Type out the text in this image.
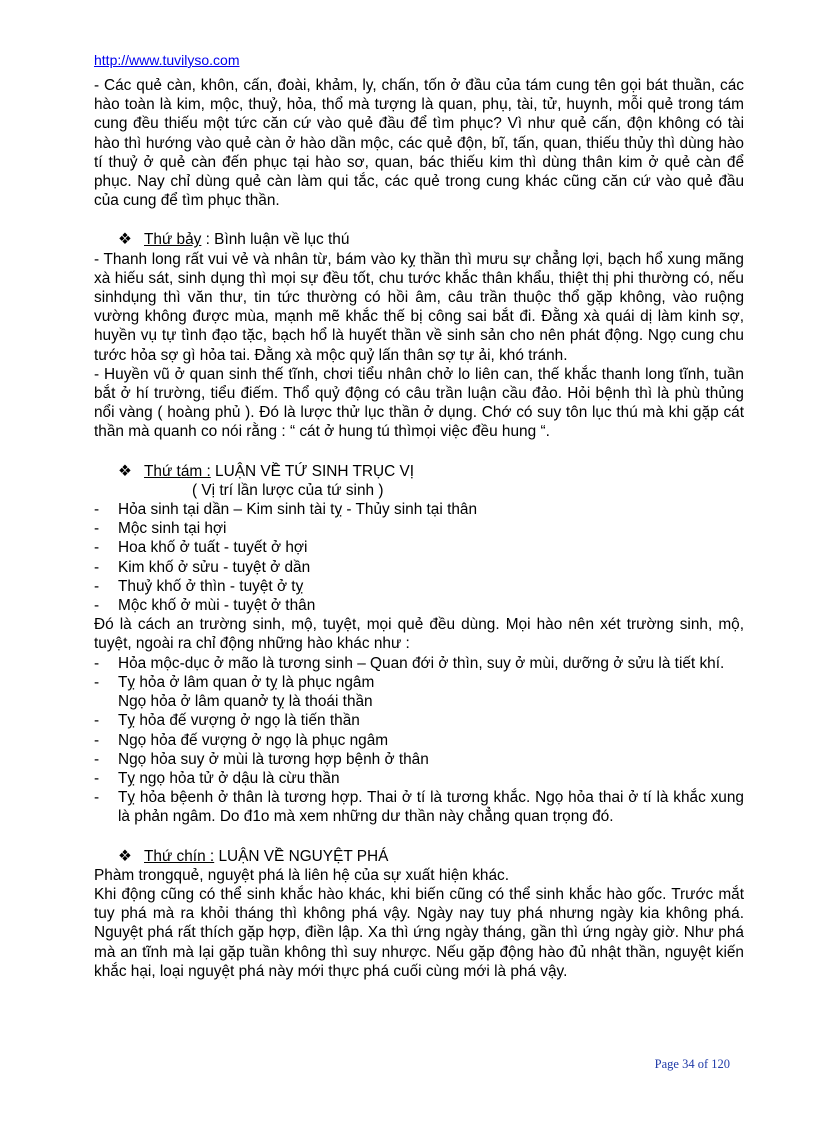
http://www.tuvilyso.com

- Các quẻ càn, khôn, cấn, đoài, khảm, ly, chấn, tốn ở đầu của tám cung tên gọi bát thuần, các hào toàn là kim, mộc, thuỷ, hỏa, thổ mà tượng là quan, phụ, tài, tử, huynh, mỗi quẻ trong tám cung đều thiếu một tức căn cứ vào quẻ đầu để tìm phục? Vì như quẻ cấn, độn không có tài hào thì hướng vào quẻ càn ở hào dần mộc, các quẻ độn, bĩ, tấn, quan, thiếu thủy thì dùng hào tí thuỷ ở quẻ càn đến phục tại hào sơ, quan, bác thiếu kim thì dùng thân kim ở quẻ càn để phục. Nay chỉ dùng quẻ càn làm qui tắc, các quẻ trong cung khác cũng căn cứ vào quẻ đầu của cung để tìm phục thần.

❖ Thứ bảy : Bình luận về lục thú

- Thanh long rất vui vẻ và nhân từ, bám vào kỵ thần thì mưu sự chẳng lợi, bạch hổ xung mãng xà hiếu sát, sinh dụng thì mọi sự đều tốt, chu tước khắc thân khẩu, thiệt thị phi thường có, nếu sinhdụng thì văn thư, tin tức thường có hồi âm, câu trần thuộc thổ gặp không, vào ruộng vường không được mùa, mạnh mẽ khắc thế bị công sai bắt đi. Đằng xà quái dị làm kinh sợ, huyền vụ tự tình đạo tặc, bạch hổ là huyết thần về sinh sản cho nên phát động. Ngọ cung chu tước hỏa sợ gì hỏa tai. Đằng xà mộc quỷ lấn thân sợ tự ải, khó tránh.

- Huyền vũ ở quan sinh thế tĩnh, chơi tiểu nhân chở lo liên can, thế khắc thanh long tĩnh, tuần bắt ở hí trường, tiểu điếm. Thổ quỷ động có câu trần luận cầu đảo. Hỏi bệnh thì là phù thủng nổi vàng ( hoàng phủ ). Đó là lược thử lục thần ở dụng. Chớ có suy tôn lục thú mà khi gặp cát thần mà quanh co nói rằng : “ cát ở hung tú thìmọi việc đều hung “.

❖ Thứ tám : LUẬN VỀ TỨ SINH TRỤC VỊ
( Vị trí lần lược của tứ sinh )
- Hỏa sinh tại dần – Kim sinh tài tỵ - Thủy sinh tại thân
- Mộc sinh tại hợi
- Hoa khố ở tuất - tuyết ở hợi
- Kim khố ở sửu - tuyệt ở dần
- Thuỷ khố ở thìn - tuyệt ở tỵ
- Mộc khố ở mùi - tuyệt ở thân

Đó là cách an trường sinh, mộ, tuyệt, mọi quẻ đều dùng. Mọi hào nên xét trường sinh, mộ, tuyệt, ngoài ra chỉ động những hào khác như :

- Hỏa mộc-dục ở mão là tương sinh – Quan đới ở thìn, suy ở mùi, dưỡng ở sửu là tiết khí.
- Tỵ hỏa ở lâm quan ở tỵ là phục ngâm
Ngọ hỏa ở lâm quanở tỵ là thoái thần
- Tỵ hỏa đế vượng ở ngọ là tiến thần
- Ngọ hỏa đế vượng ở ngọ là phục ngâm
- Ngọ hỏa suy ở mùi là tương hợp bệnh ở thân
- Tỵ ngọ hỏa tử ở dậu là cừu thần
- Tỵ hỏa bệenh ở thân là tương hợp. Thai ở tí là tương khắc. Ngọ hỏa thai ở tí là khắc xung là phản ngâm. Do đ1o mà xem những dư thần này chẳng quan trọng đó.
❖ Thứ chín : LUẬN VỀ NGUYỆT PHÁ

Phàm trongquẻ, nguyệt phá là liên hệ của sự xuất hiện khác.

Khi động cũng có thể sinh khắc hào khác, khi biến cũng có thể sinh khắc hào gốc. Trước mắt tuy phá mà ra khỏi tháng thì không phá vậy. Ngày nay tuy phá nhưng ngày kia không phá. Nguyệt phá rất thích gặp hợp, điền lập. Xa thì ứng ngày tháng, gần thì ứng ngày giờ. Như phá mà an tĩnh mà lại gặp tuần không thì suy nhược. Nếu gặp động hào đủ nhật thần, nguyệt kiến khắc hại, loại nguyệt phá này mới thực phá cuối cùng mới là phá vậy.

Page 34 of 120
